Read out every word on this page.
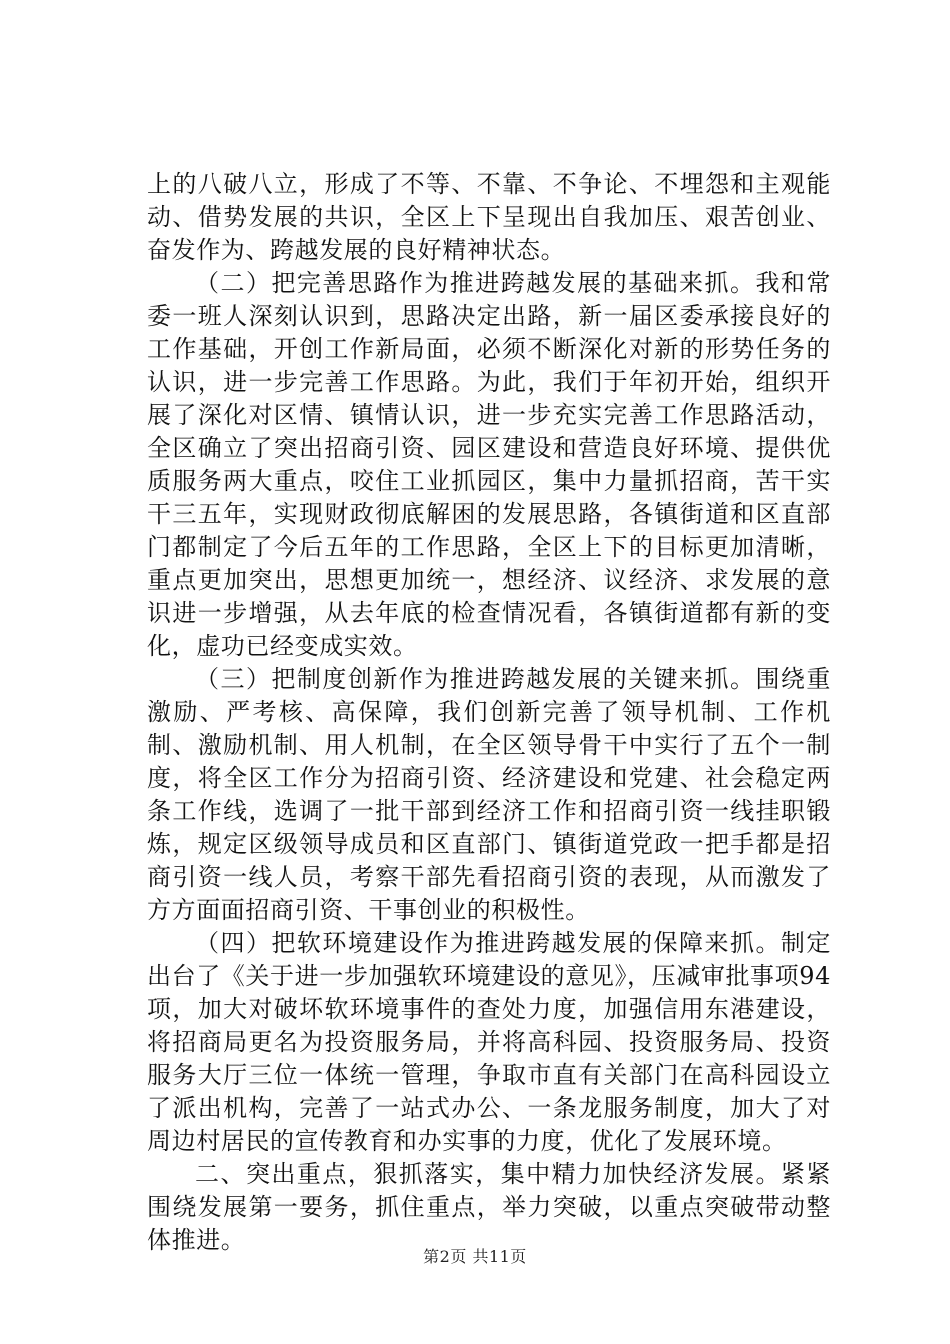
上的八破八立，形成了不等、不靠、不争论、不埋怨和主观能动、借势发展的共识，全区上下呈现出自我加压、艰苦创业、奋发作为、跨越发展的良好精神状态。

（二）把完善思路作为推进跨越发展的基础来抓。我和常委一班人深刻认识到，思路决定出路，新一届区委承接良好的工作基础，开创工作新局面，必须不断深化对新的形势任务的认识，进一步完善工作思路。为此，我们于年初开始，组织开展了深化对区情、镇情认识，进一步充实完善工作思路活动，全区确立了突出招商引资、园区建设和营造良好环境、提供优质服务两大重点，咬住工业抓园区，集中力量抓招商，苦干实干三五年，实现财政彻底解困的发展思路，各镇街道和区直部门都制定了今后五年的工作思路，全区上下的目标更加清晰，重点更加突出，思想更加统一，想经济、议经济、求发展的意识进一步增强，从去年底的检查情况看，各镇街道都有新的变化，虚功已经变成实效。

（三）把制度创新作为推进跨越发展的关键来抓。围绕重激励、严考核、高保障，我们创新完善了领导机制、工作机制、激励机制、用人机制，在全区领导骨干中实行了五个一制度，将全区工作分为招商引资、经济建设和党建、社会稳定两条工作线，选调了一批干部到经济工作和招商引资一线挂职锻炼，规定区级领导成员和区直部门、镇街道党政一把手都是招商引资一线人员，考察干部先看招商引资的表现，从而激发了方方面面招商引资、干事创业的积极性。

（四）把软环境建设作为推进跨越发展的保障来抓。制定出台了《关于进一步加强软环境建设的意见》，压减审批事项94项，加大对破坏软环境事件的查处力度，加强信用东港建设，将招商局更名为投资服务局，并将高科园、投资服务局、投资服务大厅三位一体统一管理，争取市直有关部门在高科园设立了派出机构，完善了一站式办公、一条龙服务制度，加大了对周边村居民的宣传教育和办实事的力度，优化了发展环境。

二、突出重点，狠抓落实，集中精力加快经济发展。紧紧围绕发展第一要务，抓住重点，举力突破，以重点突破带动整体推进。

第2页 共11页
